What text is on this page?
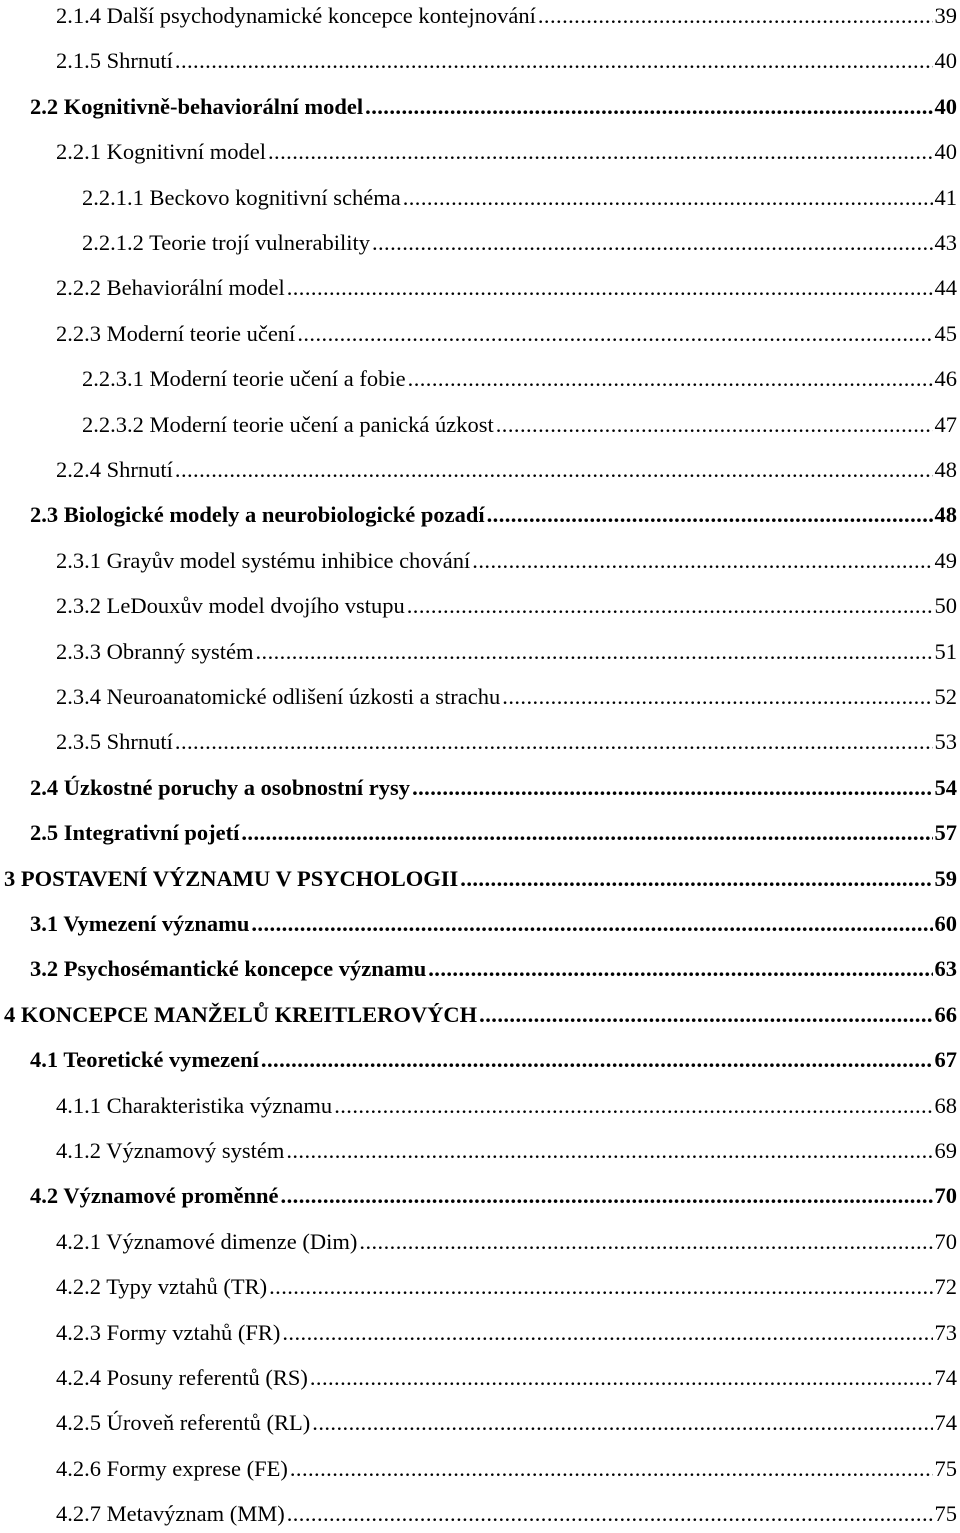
2.1.4 Další psychodynamické koncepce kontejnování . . .	39
2.1.5 Shrnutí . . .	40
2.2 Kognitivně-behaviorální model . . .	40
2.2.1 Kognitivní model . . .	40
2.2.1.1 Beckovo kognitivní schéma . . .	41
2.2.1.2 Teorie trojí vulnerability . . .	43
2.2.2 Behaviorální model . . .	44
2.2.3 Moderní teorie učení . . .	45
2.2.3.1 Moderní teorie učení a fobie . . .	46
2.2.3.2 Moderní teorie učení a panická úzkost . . .	47
2.2.4 Shrnutí . . .	48
2.3 Biologické modely a neurobiologické pozadí . . .	48
2.3.1 Grayův model systému inhibice chování . . .	49
2.3.2 LeDouxův model dvojího vstupu . . .	50
2.3.3 Obranný systém . . .	51
2.3.4 Neuroanatomické odlišení úzkosti a strachu . . .	52
2.3.5 Shrnutí . . .	53
2.4 Úzkostné poruchy a osobnostní rysy . . .	54
2.5 Integrativní pojetí . . .	57
3 POSTAVENÍ VÝZNAMU V PSYCHOLOGII . . .	59
3.1 Vymezení významu . . .	60
3.2 Psychosémantické koncepce významu . . .	63
4 KONCEPCE MANŽELŮ KREITLEROVÝCH . . .	66
4.1 Teoretické vymezení . . .	67
4.1.1 Charakteristika významu . . .	68
4.1.2 Významový systém . . .	69
4.2 Významové proměnné . . .	70
4.2.1 Významové dimenze (Dim) . . .	70
4.2.2 Typy vztahů (TR) . . .	72
4.2.3 Formy vztahů (FR) . . .	73
4.2.4 Posuny referentů (RS) . . .	74
4.2.5 Úroveň referentů (RL) . . .	74
4.2.6 Formy exprese (FE) . . .	75
4.2.7 Metavýznam (MM) . . .	75
